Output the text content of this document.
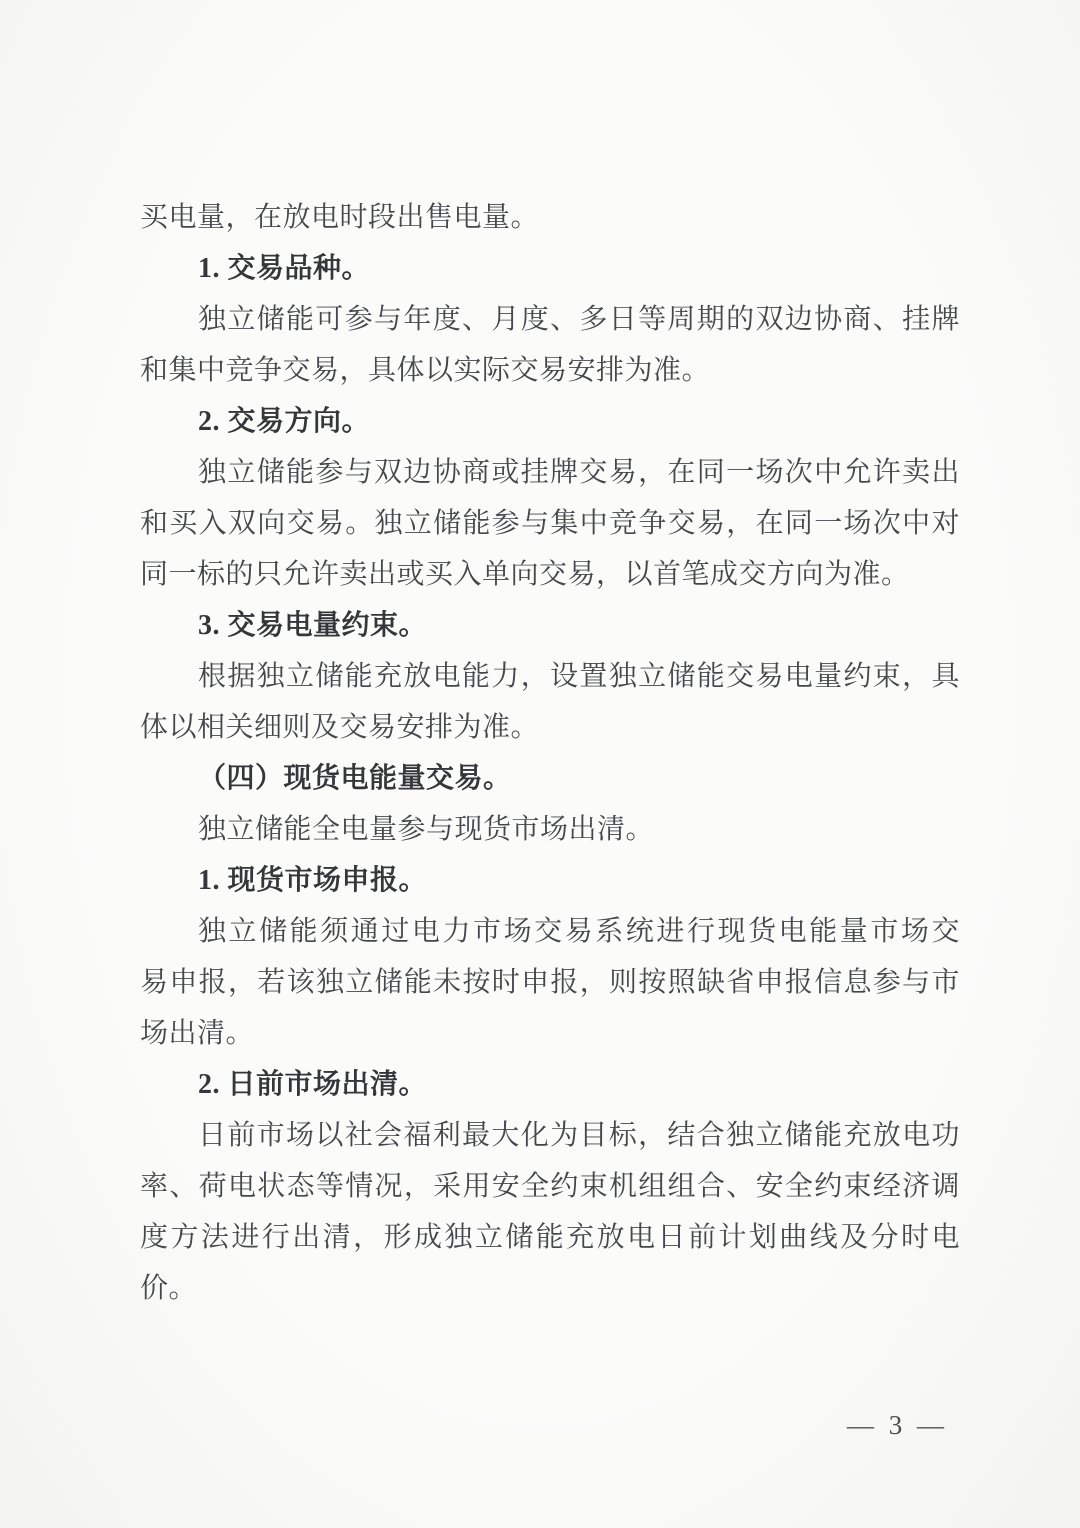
买电量，在放电时段出售电量。
1. 交易品种。
独立储能可参与年度、月度、多日等周期的双边协商、挂牌
和集中竞争交易，具体以实际交易安排为准。
2. 交易方向。
独立储能参与双边协商或挂牌交易，在同一场次中允许卖出
和买入双向交易。独立储能参与集中竞争交易，在同一场次中对
同一标的只允许卖出或买入单向交易，以首笔成交方向为准。
3. 交易电量约束。
根据独立储能充放电能力，设置独立储能交易电量约束，具
体以相关细则及交易安排为准。
（四）现货电能量交易。
独立储能全电量参与现货市场出清。
1. 现货市场申报。
独立储能须通过电力市场交易系统进行现货电能量市场交
易申报，若该独立储能未按时申报，则按照缺省申报信息参与市
场出清。
2. 日前市场出清。
日前市场以社会福利最大化为目标，结合独立储能充放电功
率、荷电状态等情况，采用安全约束机组组合、安全约束经济调
度方法进行出清，形成独立储能充放电日前计划曲线及分时电
价。
— 3 —
